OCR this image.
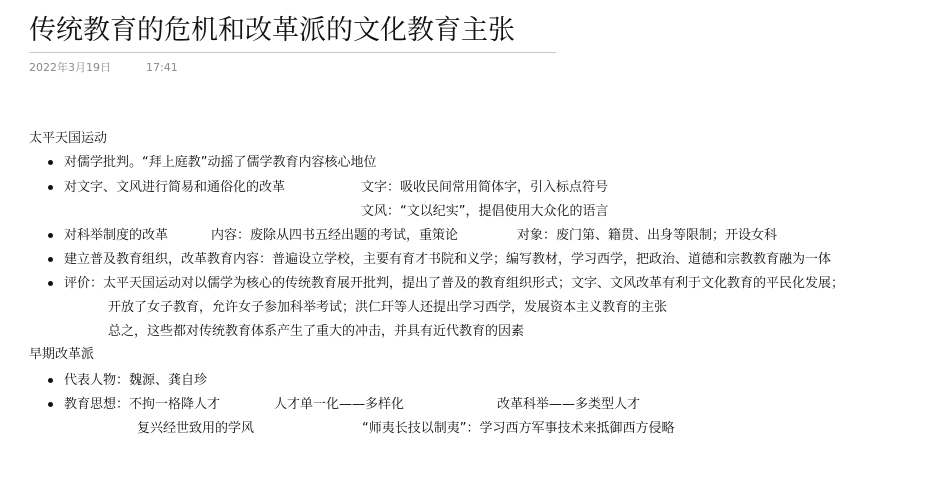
传统教育的危机和改革派的文化教育主张
2022年3月19日	17:41
太平天国运动
对儒学批判。“拜上庭教”动摇了儒学教育内容核心地位
对文字、文风进行简易和通俗化的改革	文字：吸收民间常用简体字，引入标点符号
文风：“文以纪实”，提倡使用大众化的语言
对科举制度的改革	内容：废除从四书五经出题的考试，重策论	对象：废门第、籍贯、出身等限制；开设女科
建立普及教育组织，改革教育内容：普遍设立学校，主要有育才书院和义学；编写教材，学习西学，把政治、道德和宗教教育融为一体
评价：太平天国运动对以儒学为核心的传统教育展开批判，提出了普及的教育组织形式；文字、文风改革有利于文化教育的平民化发展；
开放了女子教育，允许女子参加科举考试；洪仁玕等人还提出学习西学，发展资本主义教育的主张
总之，这些都对传统教育体系产生了重大的冲击，并具有近代教育的因素
早期改革派
代表人物：魏源、龚自珍
教育思想：不拘一格降人才	人才单一化——多样化	改革科举——多类型人才
复兴经世致用的学风	“师夷长技以制夷”：学习西方军事技术来抵御西方侵略
